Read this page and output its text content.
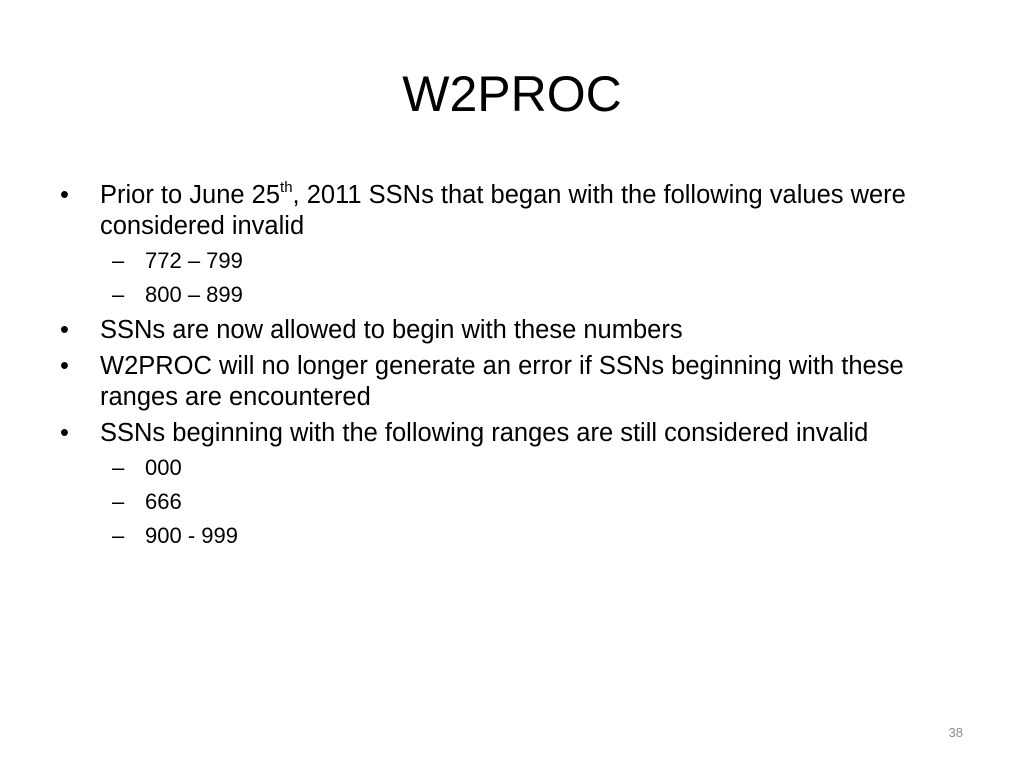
W2PROC
•	Prior to June 25th, 2011 SSNs that began with the following values were considered invalid
– 772 – 799
– 800 – 899
•	SSNs are now allowed to begin with these numbers
•	W2PROC will no longer generate an error if SSNs beginning with these ranges are encountered
•	SSNs beginning with the following ranges are still considered invalid
– 000
– 666
– 900 - 999
38
